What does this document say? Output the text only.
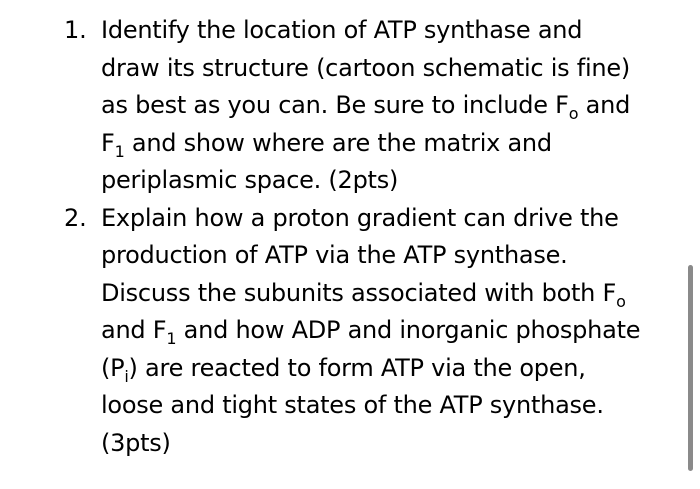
1. Identify the location of ATP synthase and
draw its structure (cartoon schematic is fine)
as best as you can. Be sure to include $F_o$ and
$F_1$ and show where are the matrix and
periplasmic space. (2pts)
2. Explain how a proton gradient can drive the
production of ATP via the ATP synthase.
Discuss the subunits associated with both $F_o$
and $F_1$ and how ADP and inorganic phosphate
$(P_i)$ are reacted to form ATP via the open,
loose and tight states of the ATP synthase.
(3pts)
